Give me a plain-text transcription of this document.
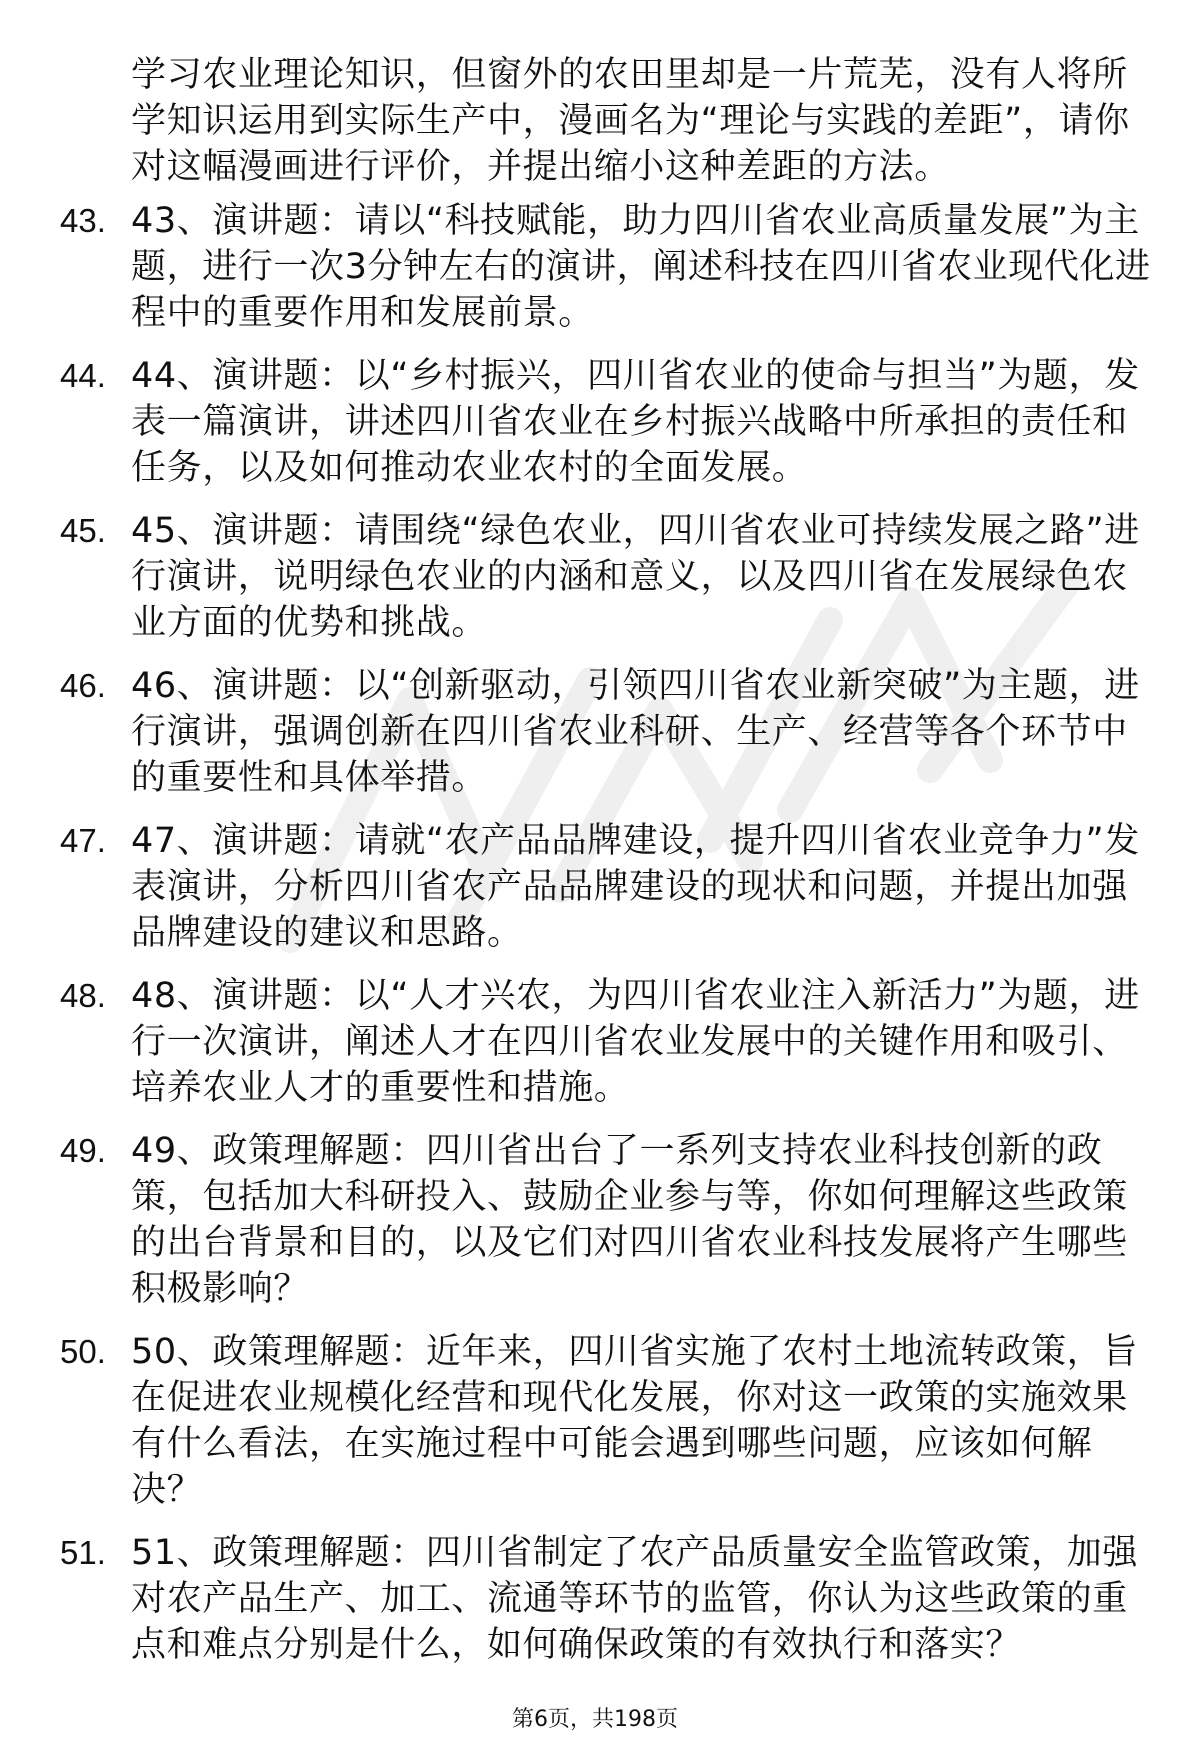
学习农业理论知识，但窗外的农田里却是一片荒芜，没有人将所
学知识运用到实际生产中，漫画名为“理论与实践的差距”，请你
对这幅漫画进行评价，并提出缩小这种差距的方法。
43. 43、演讲题：请以“科技赋能，助力四川省农业高质量发展”为主
题，进行一次3分钟左右的演讲，阐述科技在四川省农业现代化进
程中的重要作用和发展前景。
44. 44、演讲题：以“乡村振兴，四川省农业的使命与担当”为题，发
表一篇演讲，讲述四川省农业在乡村振兴战略中所承担的责任和
任务，以及如何推动农业农村的全面发展。
45. 45、演讲题：请围绕“绿色农业，四川省农业可持续发展之路”进
行演讲，说明绿色农业的内涵和意义，以及四川省在发展绿色农
业方面的优势和挑战。
46. 46、演讲题：以“创新驱动，引领四川省农业新突破”为主题，进
行演讲，强调创新在四川省农业科研、生产、经营等各个环节中
的重要性和具体举措。
47. 47、演讲题：请就“农产品品牌建设，提升四川省农业竞争力”发
表演讲，分析四川省农产品品牌建设的现状和问题，并提出加强
品牌建设的建议和思路。
48. 48、演讲题：以“人才兴农，为四川省农业注入新活力”为题，进
行一次演讲，阐述人才在四川省农业发展中的关键作用和吸引、
培养农业人才的重要性和措施。
49. 49、政策理解题：四川省出台了一系列支持农业科技创新的政
策，包括加大科研投入、鼓励企业参与等，你如何理解这些政策
的出台背景和目的，以及它们对四川省农业科技发展将产生哪些
积极影响？
50. 50、政策理解题：近年来，四川省实施了农村土地流转政策，旨
在促进农业规模化经营和现代化发展，你对这一政策的实施效果
有什么看法，在实施过程中可能会遇到哪些问题，应该如何解
决？
51. 51、政策理解题：四川省制定了农产品质量安全监管政策，加强
对农产品生产、加工、流通等环节的监管，你认为这些政策的重
点和难点分别是什么，如何确保政策的有效执行和落实？
第6页，共198页
